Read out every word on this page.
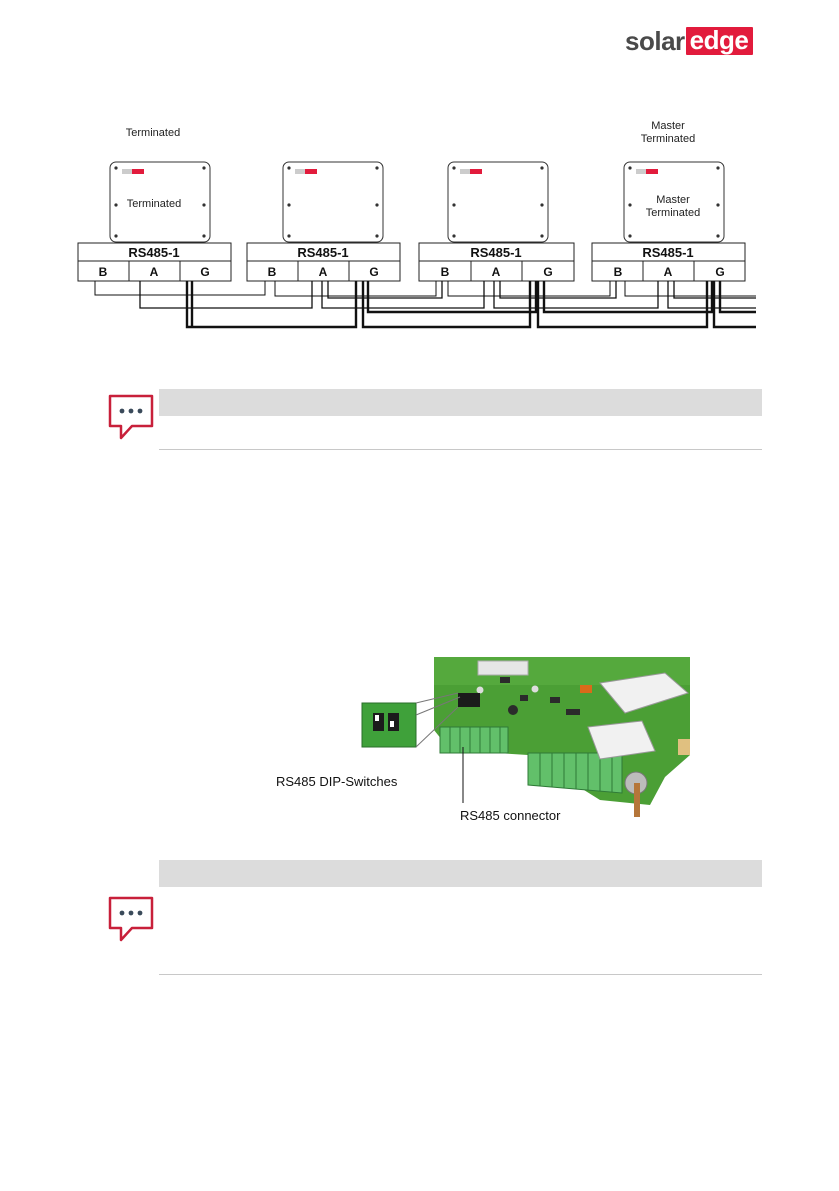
solar edge
Terminated
Master
Terminated
Terminated
RS485-1
B	A	G
RS485-1
B	A	G
RS485-1
B	A	G
Master
Terminated
RS485-1
B	A	G
RS485 DIP-Switches
RS485 connector
